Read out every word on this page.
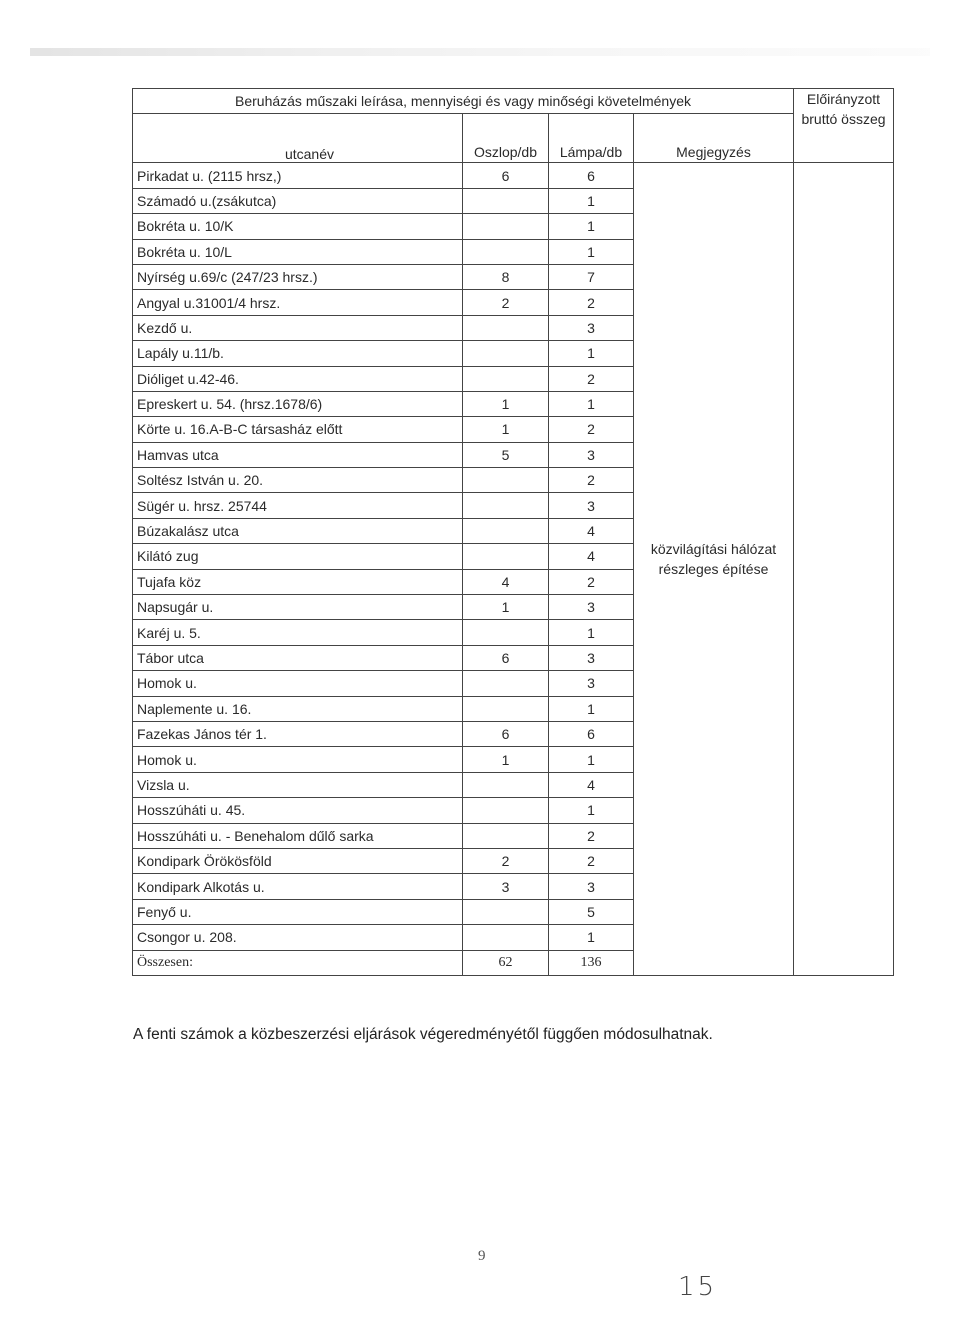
Beruházás műszaki leírása, mennyiségi és vagy minőségi követelmények				Előirányzott bruttó összeg
utcanév	Oszlop/db	Lámpa/db	Megjegyzés	
Pirkadat u. (2115 hrsz,)	6	6	közvilágítási hálózat részleges építése	
Számadó u.(zsákutca)		1		
Bokréta u. 10/K		1		
Bokréta u. 10/L		1		
Nyírség u.69/c (247/23 hrsz.)	8	7		
Angyal u.31001/4 hrsz.	2	2		
Kezdő u.		3		
Lapály u.11/b.		1		
Dióliget u.42-46.		2		
Epreskert u. 54. (hrsz.1678/6)	1	1		
Körte u. 16.A-B-C társasház előtt	1	2		
Hamvas utca	5	3		
Soltész István u. 20.		2		
Sügér u. hrsz. 25744		3		
Búzakalász utca		4		
Kilátó zug		4		
Tujafa köz	4	2		
Napsugár u.	1	3		
Karéj u. 5.		1		
Tábor utca	6	3		
Homok u.		3		
Naplemente u. 16.		1		
Fazekas János tér 1.	6	6		
Homok u.	1	1		
Vizsla u.		4		
Hosszúháti u. 45.		1		
Hosszúháti u. - Benehalom dűlő sarka		2		
Kondipark Örökösföld	2	2		
Kondipark Alkotás u.	3	3		
Fenyő u.		5		
Csongor u. 208.		1		
Összesen:	62	136		
A fenti számok a közbeszerzési eljárások végeredményétől függően módosulhatnak.
9
15
